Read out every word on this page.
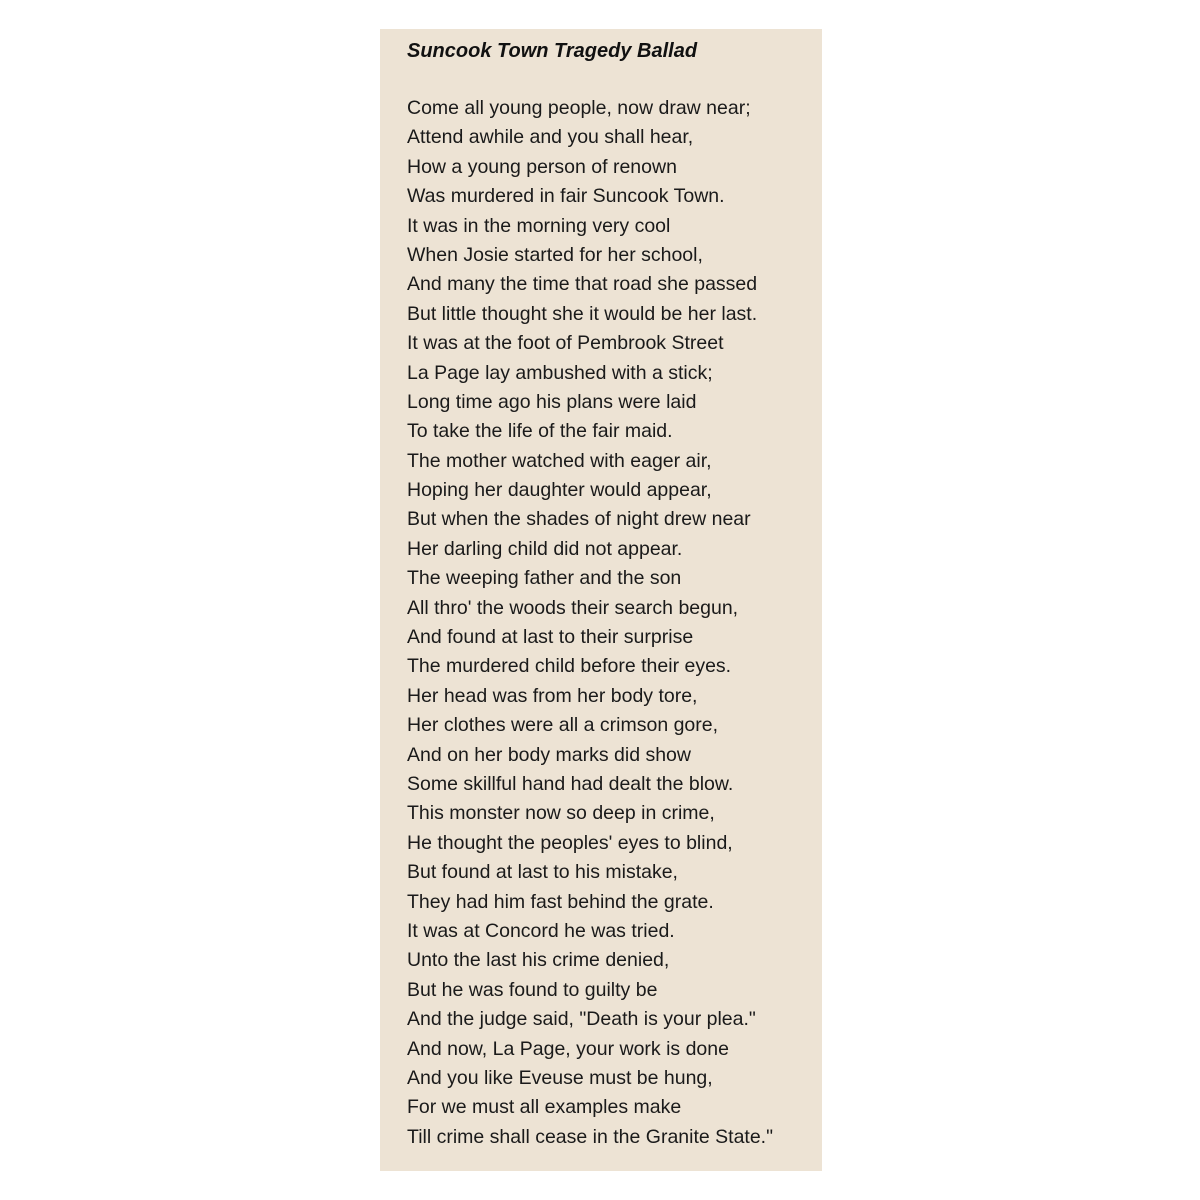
Suncook Town Tragedy Ballad
Come all young people, now draw near;
Attend awhile and you shall hear,
How a young person of renown
Was murdered in fair Suncook Town.
It was in the morning very cool
When Josie started for her school,
And many the time that road she passed
But little thought she it would be her last.
It was at the foot of Pembrook Street
La Page lay ambushed with a stick;
Long time ago his plans were laid
To take the life of the fair maid.
The mother watched with eager air,
Hoping her daughter would appear,
But when the shades of night drew near
Her darling child did not appear.
The weeping father and the son
All thro' the woods their search begun,
And found at last to their surprise
The murdered child before their eyes.
Her head was from her body tore,
Her clothes were all a crimson gore,
And on her body marks did show
Some skillful hand had dealt the blow.
This monster now so deep in crime,
He thought the peoples' eyes to blind,
But found at last to his mistake,
They had him fast behind the grate.
It was at Concord he was tried.
Unto the last his crime denied,
But he was found to guilty be
And the judge said, "Death is your plea."
And now, La Page, your work is done
And you like Eveuse must be hung,
For we must all examples make
Till crime shall cease in the Granite State."
